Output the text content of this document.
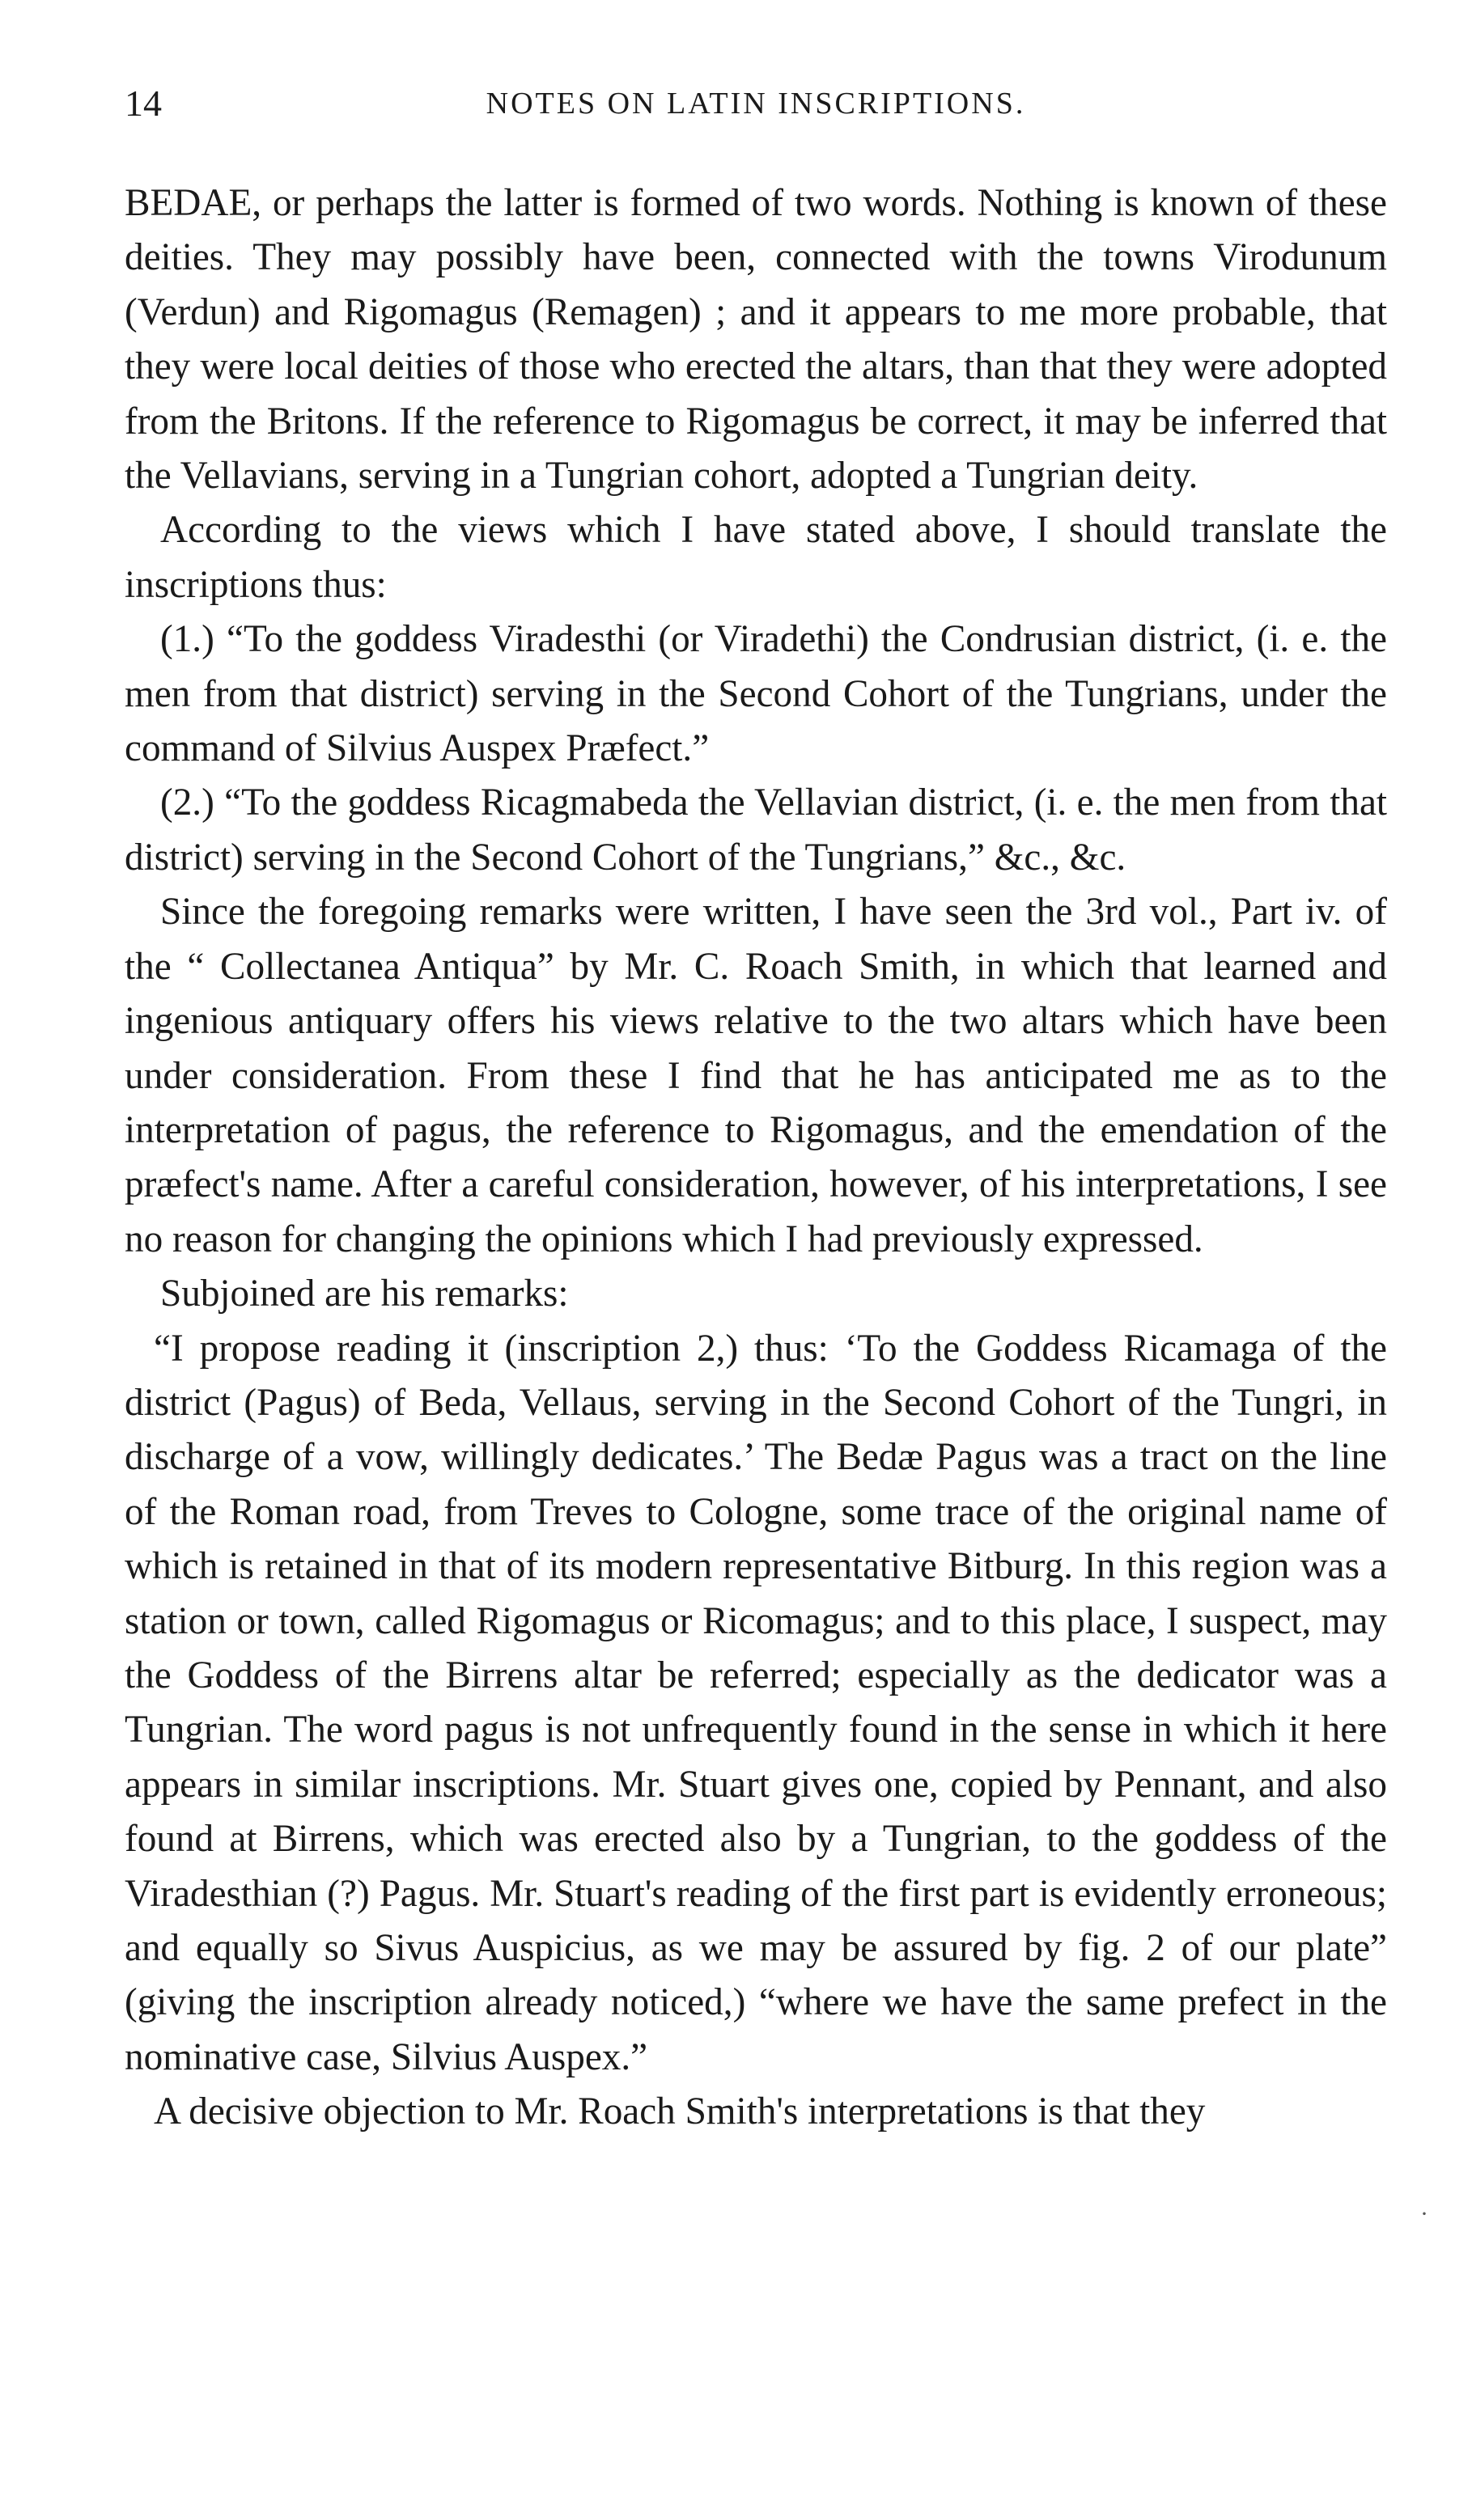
14	NOTES ON LATIN INSCRIPTIONS.

BEDAE, or perhaps the latter is formed of two words. Nothing is known of these deities. They may possibly have been, connected with the towns Virodunum (Verdun) and Rigomagus (Remagen) ; and it appears to me more probable, that they were local deities of those who erected the altars, than that they were adopted from the Britons. If the reference to Rigomagus be correct, it may be inferred that the Vellavians, serving in a Tungrian cohort, adopted a Tungrian deity.

According to the views which I have stated above, I should translate the inscriptions thus:

(1.) “To the goddess Viradesthi (or Viradethi) the Condrusian district, (i. e. the men from that district) serving in the Second Cohort of the Tungrians, under the command of Silvius Auspex Præfect.”

(2.) “To the goddess Ricagmabeda the Vellavian district, (i. e. the men from that district) serving in the Second Cohort of the Tungrians,” &c., &c.

Since the foregoing remarks were written, I have seen the 3rd vol., Part iv. of the “ Collectanea Antiqua” by Mr. C. Roach Smith, in which that learned and ingenious antiquary offers his views relative to the two altars which have been under consideration. From these I find that he has anticipated me as to the interpretation of pagus, the reference to Rigomagus, and the emendation of the præfect's name. After a careful consideration, however, of his interpretations, I see no reason for changing the opinions which I had previously expressed.

Subjoined are his remarks:

“I propose reading it (inscription 2,) thus: ‘To the Goddess Ricamaga of the district (Pagus) of Beda, Vellaus, serving in the Second Cohort of the Tungri, in discharge of a vow, willingly dedicates.’ The Bedæ Pagus was a tract on the line of the Roman road, from Treves to Cologne, some trace of the original name of which is retained in that of its modern representative Bitburg. In this region was a station or town, called Rigomagus or Ricomagus; and to this place, I suspect, may the Goddess of the Birrens altar be referred; especially as the dedicator was a Tungrian. The word pagus is not unfrequently found in the sense in which it here appears in similar inscriptions. Mr. Stuart gives one, copied by Pennant, and also found at Birrens, which was erected also by a Tungrian, to the goddess of the Viradesthian (?) Pagus. Mr. Stuart's reading of the first part is evidently erroneous; and equally so Sivus Auspicius, as we may be assured by fig. 2 of our plate” (giving the inscription already noticed,) “where we have the same prefect in the nominative case, Silvius Auspex.”

A decisive objection to Mr. Roach Smith's interpretations is that they

·
